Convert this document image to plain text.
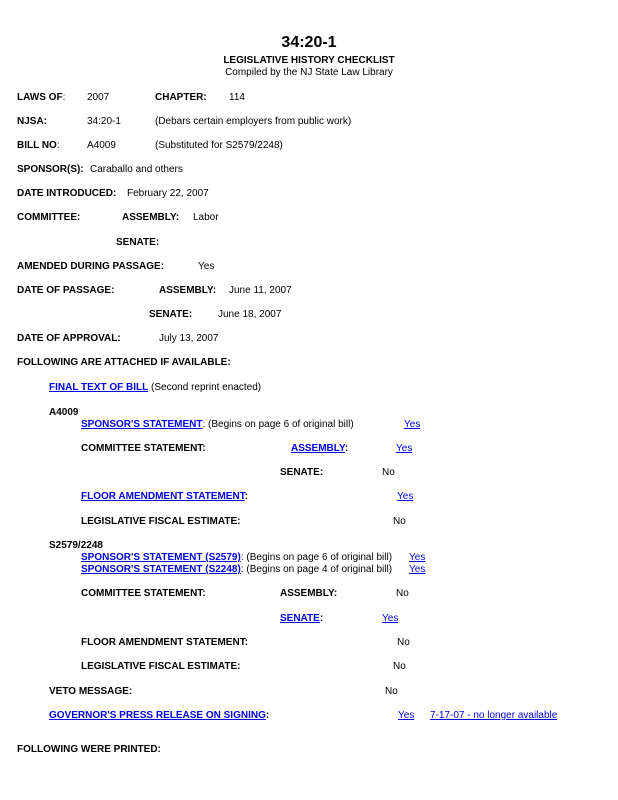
34:20-1
LEGISLATIVE HISTORY CHECKLIST
Compiled by the NJ State Law Library
LAWS OF: 2007	CHAPTER: 114
NJSA:	34:20-1	(Debars certain employers from public work)
BILL NO:	A4009	(Substituted for S2579/2248)
SPONSOR(S): Caraballo and others
DATE INTRODUCED: February 22, 2007
COMMITTEE:	ASSEMBLY: Labor
SENATE:
AMENDED DURING PASSAGE:	Yes
DATE OF PASSAGE:	ASSEMBLY: June 11, 2007
SENATE:	June 18, 2007
DATE OF APPROVAL:	July 13, 2007
FOLLOWING ARE ATTACHED IF AVAILABLE:
FINAL TEXT OF BILL (Second reprint enacted)
A4009
SPONSOR'S STATEMENT: (Begins on page 6 of original bill)	Yes
COMMITTEE STATEMENT:	ASSEMBLY:	Yes
SENATE:	No
FLOOR AMENDMENT STATEMENT:	Yes
LEGISLATIVE FISCAL ESTIMATE:	No
S2579/2248
SPONSOR'S STATEMENT (S2579): (Begins on page 6 of original bill) Yes
SPONSOR'S STATEMENT (S2248): (Begins on page 4 of original bill) Yes
COMMITTEE STATEMENT:	ASSEMBLY:	No
SENATE:	Yes
FLOOR AMENDMENT STATEMENT:	No
LEGISLATIVE FISCAL ESTIMATE:	No
VETO MESSAGE:	No
GOVERNOR'S PRESS RELEASE ON SIGNING:	Yes 7-17-07 - no longer available
FOLLOWING WERE PRINTED:
